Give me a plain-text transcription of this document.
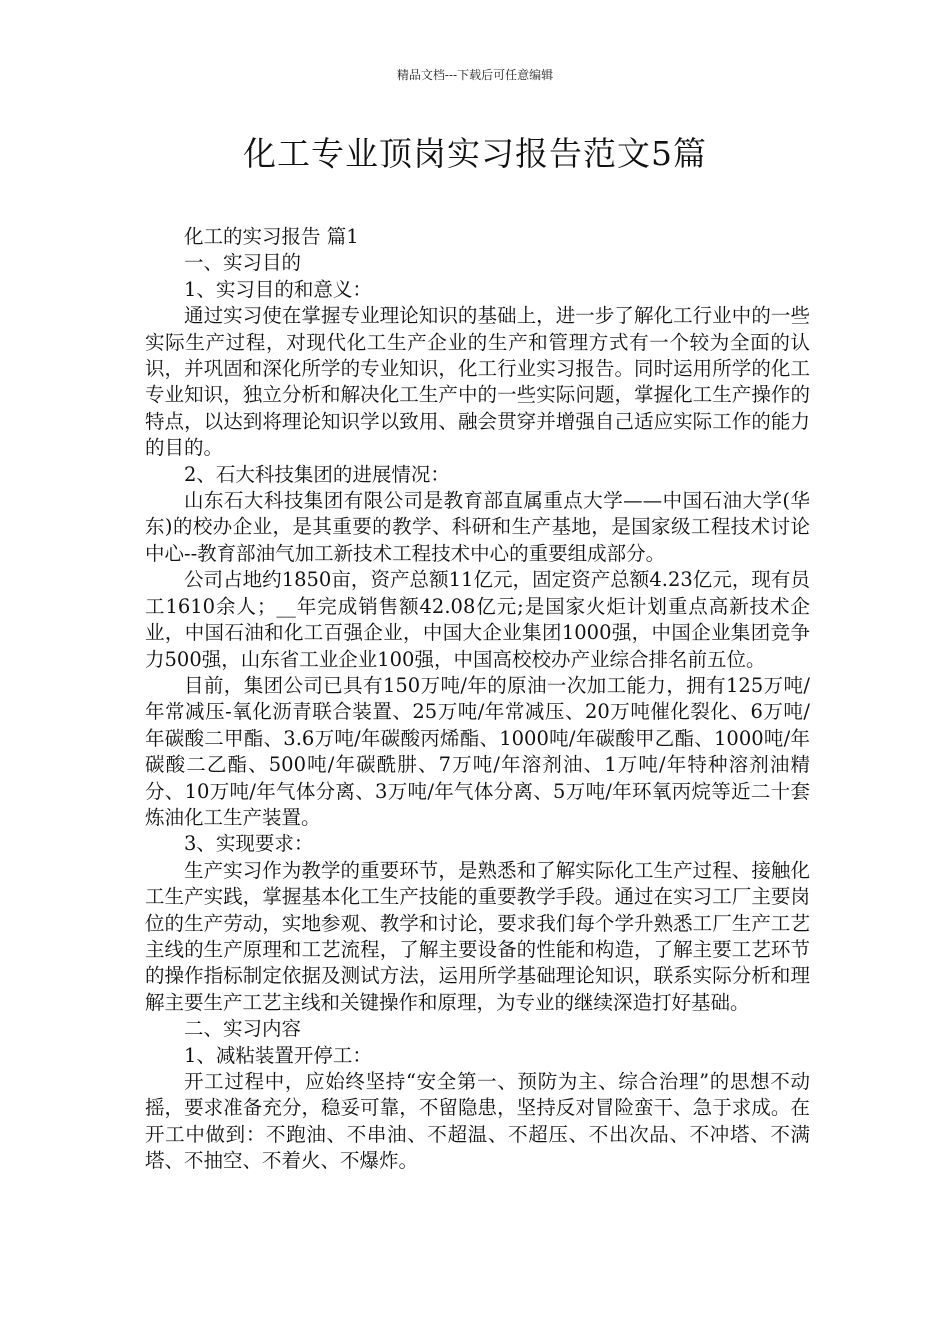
精品文档---下载后可任意编辑
化工专业顶岗实习报告范文5篇

化工的实习报告 篇1

一、实习目的

1、实习目的和意义：

通过实习使在掌握专业理论知识的基础上，进一步了解化工行业中的一些实际生产过程，对现代化工生产企业的生产和管理方式有一个较为全面的认识，并巩固和深化所学的专业知识，化工行业实习报告。同时运用所学的化工专业知识，独立分析和解决化工生产中的一些实际问题，掌握化工生产操作的特点，以达到将理论知识学以致用、融会贯穿并增强自己适应实际工作的能力的目的。

2、石大科技集团的进展情况：

山东石大科技集团有限公司是教育部直属重点大学——中国石油大学(华东)的校办企业，是其重要的教学、科研和生产基地，是国家级工程技术讨论中心--教育部油气加工新技术工程技术中心的重要组成部分。

公司占地约1850亩，资产总额11亿元，固定资产总额4.23亿元，现有员工1610余人；__年完成销售额42.08亿元;是国家火炬计划重点高新技术企业，中国石油和化工百强企业，中国大企业集团1000强，中国企业集团竞争力500强，山东省工业企业100强，中国高校校办产业综合排名前五位。

目前，集团公司已具有150万吨/年的原油一次加工能力，拥有125万吨/年常减压-氧化沥青联合装置、25万吨/年常减压、20万吨催化裂化、6万吨/年碳酸二甲酯、3.6万吨/年碳酸丙烯酯、1000吨/年碳酸甲乙酯、1000吨/年碳酸二乙酯、500吨/年碳酰肼、7万吨/年溶剂油、1万吨/年特种溶剂油精分、10万吨/年气体分离、3万吨/年气体分离、5万吨/年环氧丙烷等近二十套炼油化工生产装置。

3、实现要求：

生产实习作为教学的重要环节，是熟悉和了解实际化工生产过程、接触化工生产实践，掌握基本化工生产技能的重要教学手段。通过在实习工厂主要岗位的生产劳动，实地参观、教学和讨论，要求我们每个学升熟悉工厂生产工艺主线的生产原理和工艺流程，了解主要设备的性能和构造，了解主要工艺环节的操作指标制定依据及测试方法，运用所学基础理论知识，联系实际分析和理解主要生产工艺主线和关键操作和原理，为专业的继续深造打好基础。

二、实习内容

1、减粘装置开停工：

开工过程中，应始终坚持“安全第一、预防为主、综合治理”的思想不动摇，要求准备充分，稳妥可靠，不留隐患，坚持反对冒险蛮干、急于求成。在开工中做到：不跑油、不串油、不超温、不超压、不出次品、不冲塔、不满塔、不抽空、不着火、不爆炸。
